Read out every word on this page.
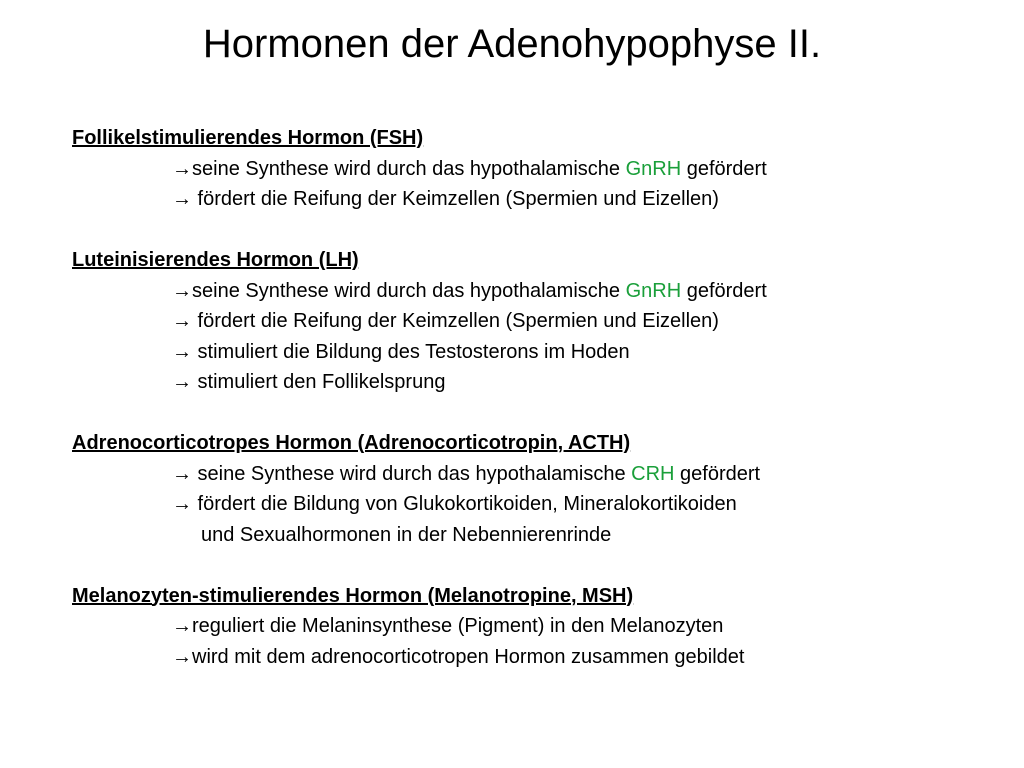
Hormonen der Adenohypophyse II.
Follikelstimulierendes Hormon (FSH)
→seine Synthese wird durch das hypothalamische GnRH gefördert
→ fördert die Reifung der Keimzellen (Spermien und Eizellen)
Luteinisierendes Hormon (LH)
→seine Synthese wird durch das hypothalamische GnRH gefördert
→ fördert die Reifung der Keimzellen (Spermien und Eizellen)
→ stimuliert die Bildung des Testosterons im Hoden
→ stimuliert den Follikelsprung
Adrenocorticotropes Hormon (Adrenocorticotropin, ACTH)
→ seine Synthese wird durch das hypothalamische CRH gefördert
→ fördert die Bildung von Glukokortikoiden, Mineralokortikoiden
und Sexualhormonen in der Nebennierenrinde
Melanozyten-stimulierendes Hormon (Melanotropine, MSH)
→reguliert die Melaninsynthese (Pigment) in den Melanozyten
→wird mit dem adrenocorticotropen Hormon zusammen gebildet
